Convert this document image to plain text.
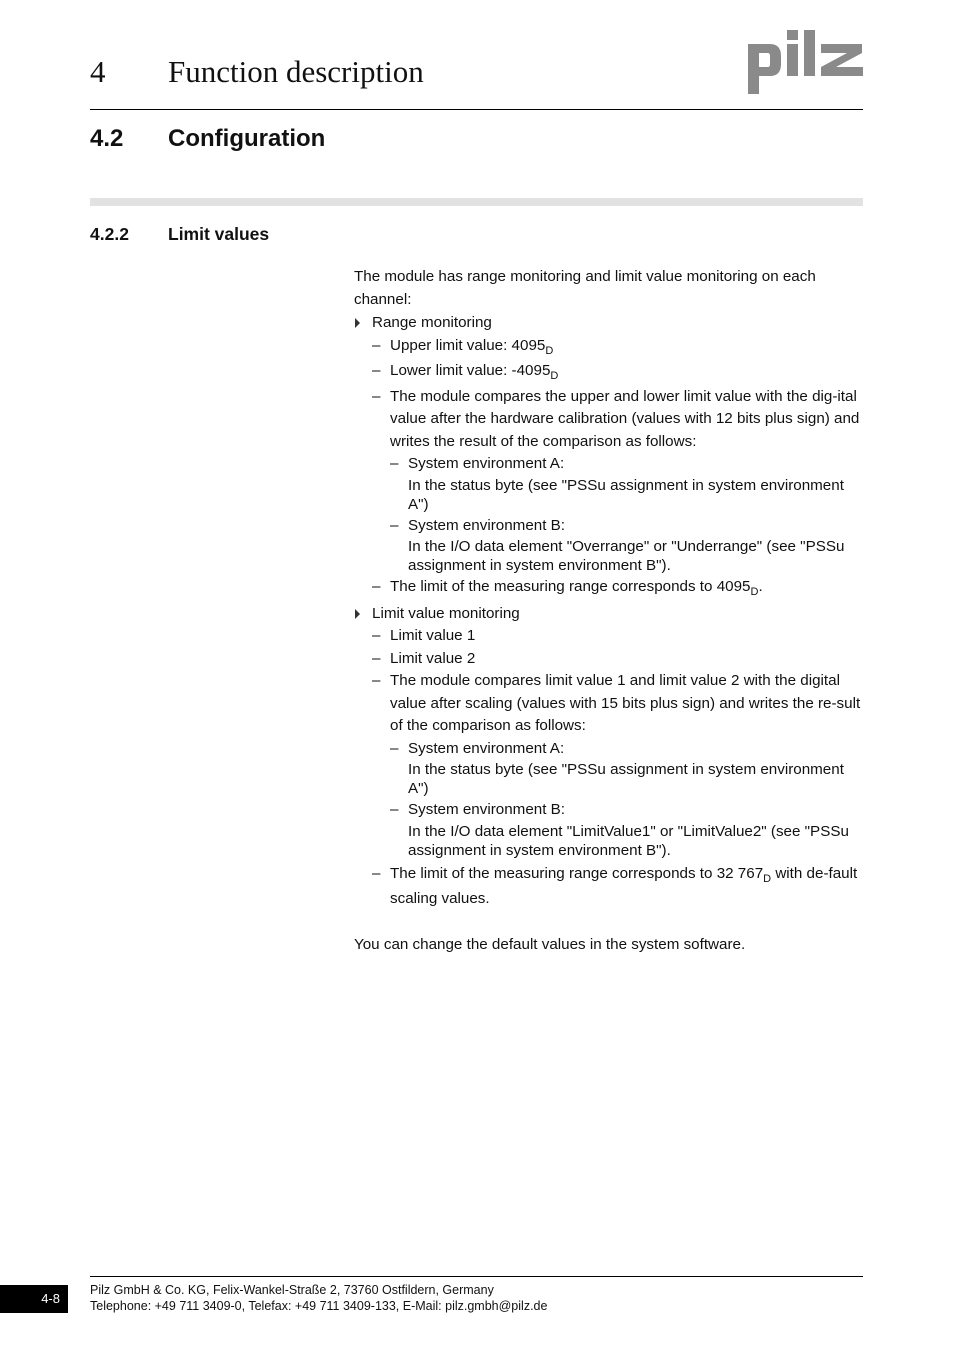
4 Function description
4.2 Configuration
4.2.2 Limit values

The module has range monitoring and limit value monitoring on each channel:

Range monitoring
– Upper limit value: $4095_D$
– Lower limit value: $-4095_D$
– The module compares the upper and lower limit value with the dig-ital value after the hardware calibration (values with 12 bits plus sign) and writes the result of the comparison as follows:
– System environment A:
In the status byte (see "PSSu assignment in system environment A")
– System environment B:
In the I/O data element "Overrange" or "Underrange" (see "PSSu assignment in system environment B").
– The limit of the measuring range corresponds to $4095_D$.
Limit value monitoring
– Limit value 1
– Limit value 2
– The module compares limit value 1 and limit value 2 with the digital value after scaling (values with 15 bits plus sign) and writes the re-sult of the comparison as follows:
– System environment A:
In the status byte (see "PSSu assignment in system environment A")
– System environment B:
In the I/O data element "LimitValue1" or "LimitValue2" (see "PSSu assignment in system environment B").
– The limit of the measuring range corresponds to 32 $767_D$ with de-fault scaling values.

You can change the default values in the system software.

4-8
Pilz GmbH & Co. KG, Felix-Wankel-Straße 2, 73760 Ostfildern, Germany
Telephone: +49 711 3409-0, Telefax: +49 711 3409-133, E-Mail: pilz.gmbh@pilz.de
